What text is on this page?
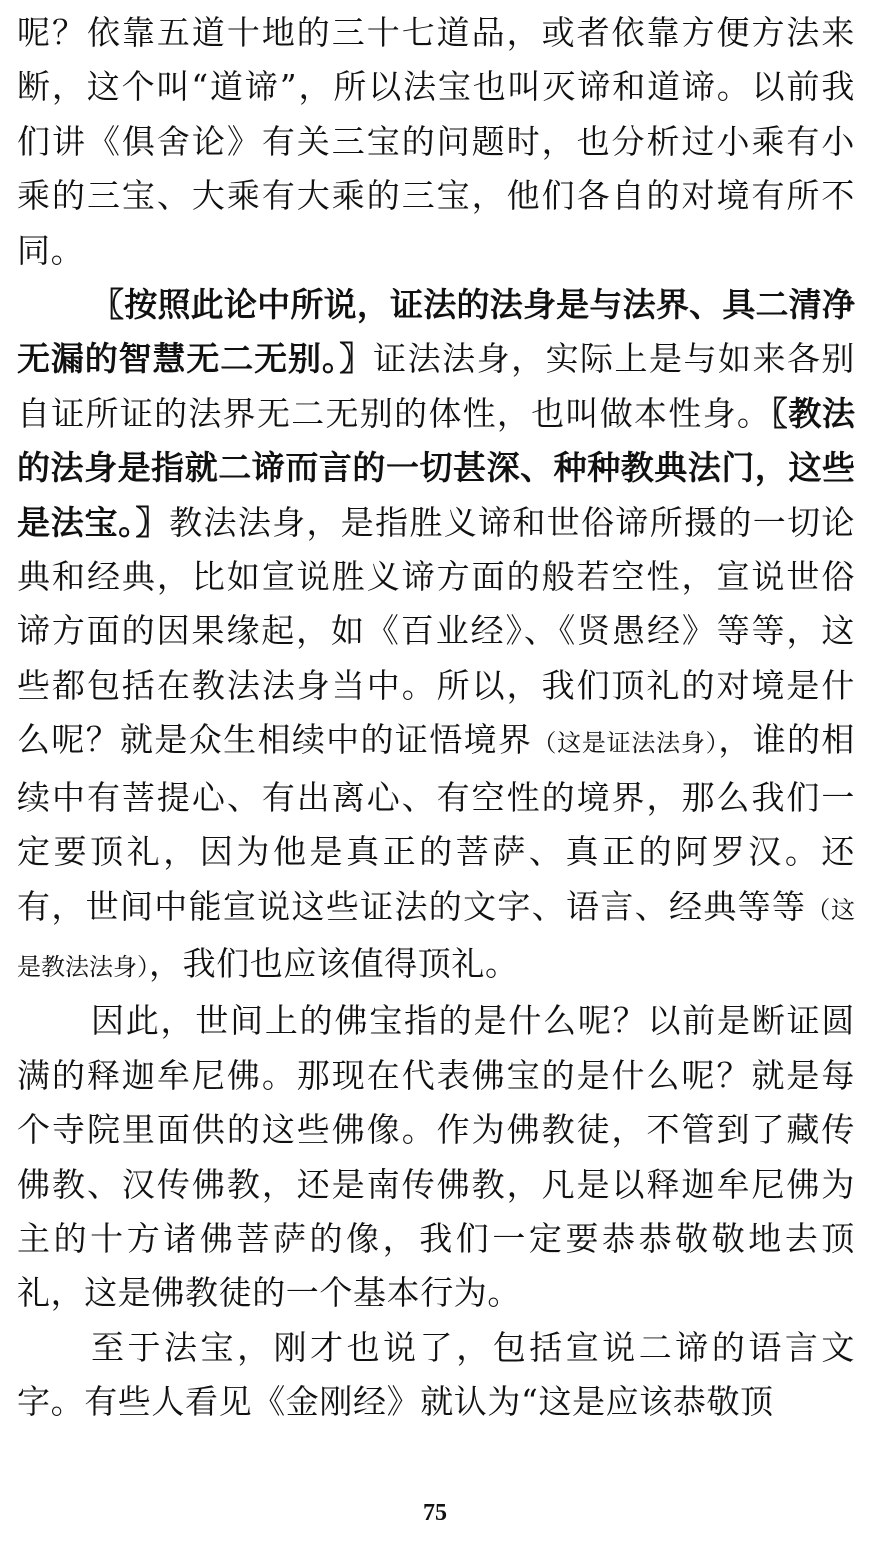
呢？依靠五道十地的三十七道品，或者依靠方便方法来断，这个叫“道谛”，所以法宝也叫灭谛和道谛。以前我们讲《俱舍论》有关三宝的问题时，也分析过小乘有小乘的三宝、大乘有大乘的三宝，他们各自的对境有所不同。

〖按照此论中所说，证法的法身是与法界、具二清净无漏的智慧无二无别。〗证法法身，实际上是与如来各别自证所证的法界无二无别的体性，也叫做本性身。〖教法的法身是指就二谛而言的一切甚深、种种教典法门，这些是法宝。〗教法法身，是指胜义谛和世俗谛所摄的一切论典和经典，比如宣说胜义谛方面的般若空性，宣说世俗谛方面的因果缘起，如《百业经》、《贤愚经》等等，这些都包括在教法法身当中。所以，我们顶礼的对境是什么呢？就是众生相续中的证悟境界（这是证法法身），谁的相续中有菩提心、有出离心、有空性的境界，那么我们一定要顶礼，因为他是真正的菩萨、真正的阿罗汉。还有，世间中能宣说这些证法的文字、语言、经典等等（这是教法法身），我们也应该值得顶礼。

因此，世间上的佛宝指的是什么呢？以前是断证圆满的释迦牟尼佛。那现在代表佛宝的是什么呢？就是每个寺院里面供的这些佛像。作为佛教徒，不管到了藏传佛教、汉传佛教，还是南传佛教，凡是以释迦牟尼佛为主的十方诸佛菩萨的像，我们一定要恭恭敬敬地去顶礼，这是佛教徒的一个基本行为。

至于法宝，刚才也说了，包括宣说二谛的语言文字。有些人看见《金刚经》就认为“这是应该恭敬顶

75
